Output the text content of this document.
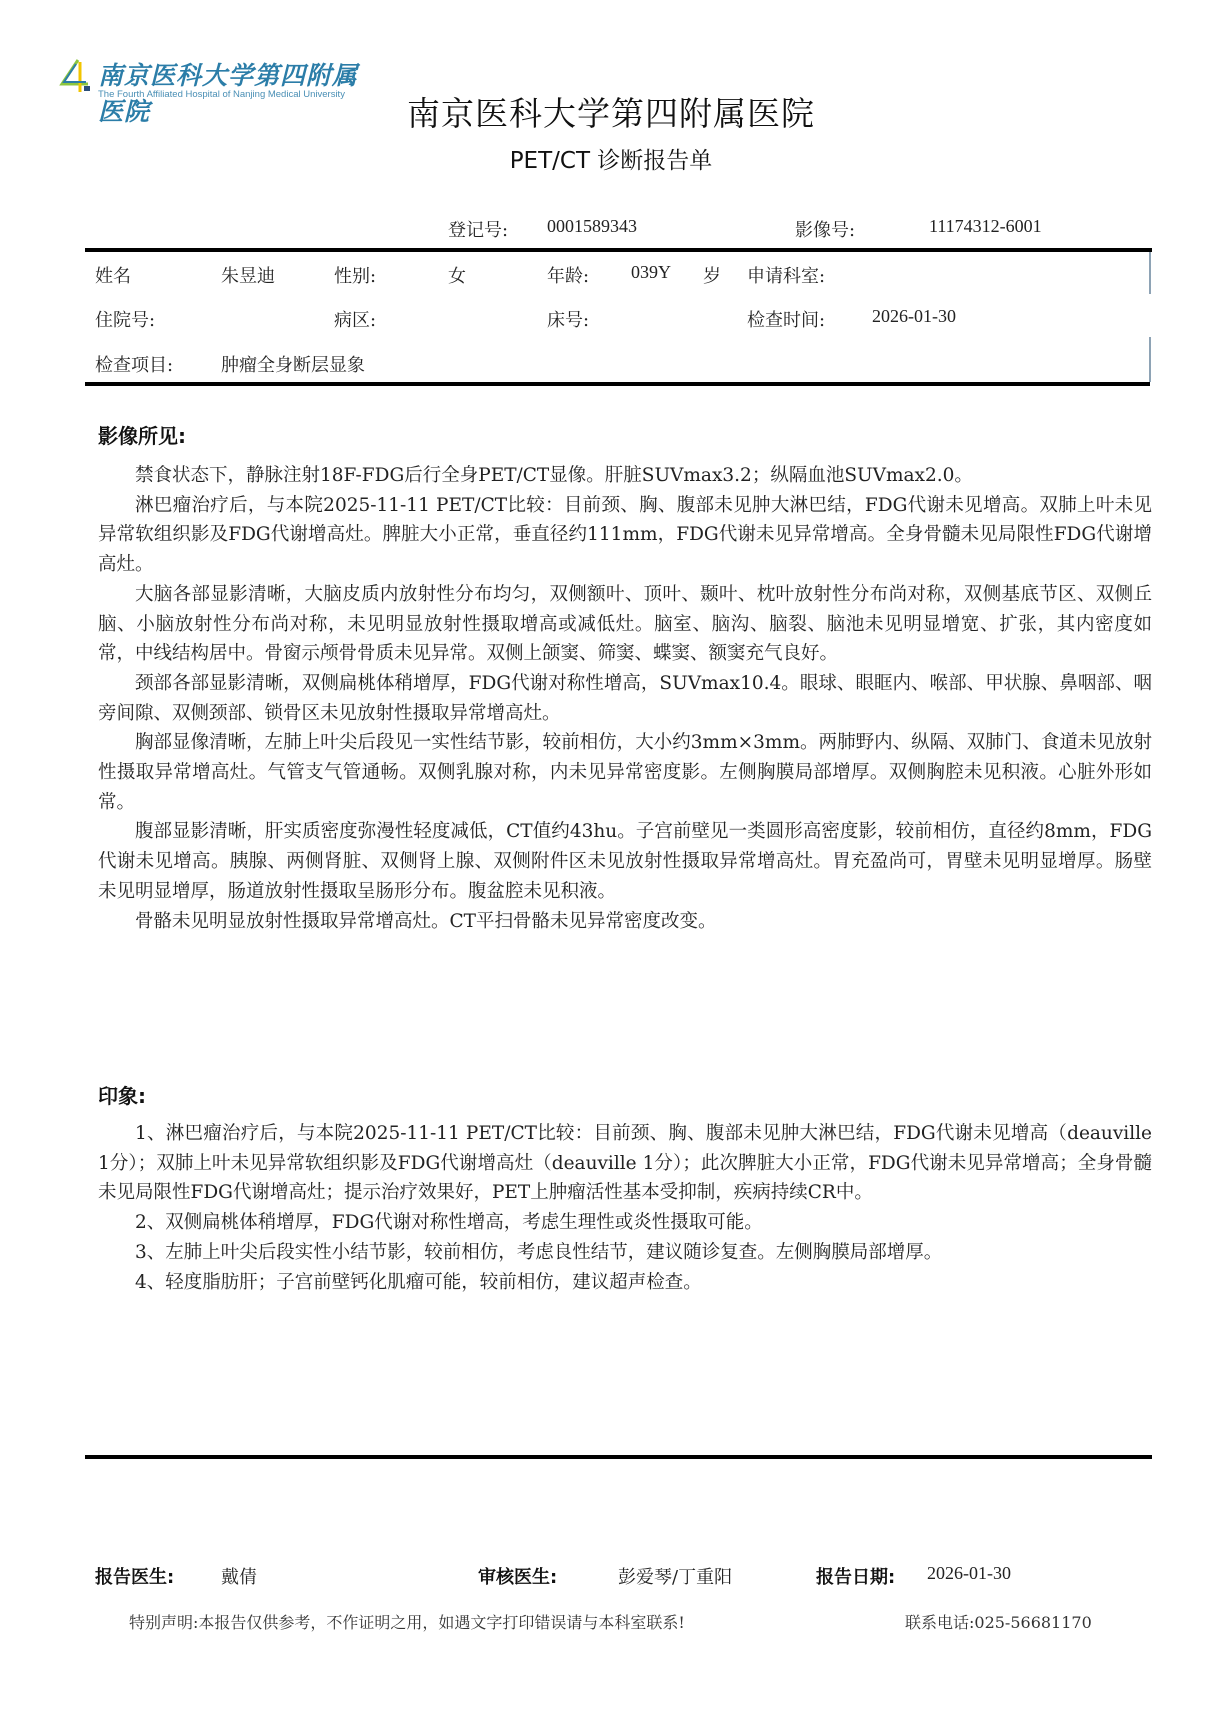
南京医科大学第四附属医院
The Fourth Affiliated Hospital of Nanjing Medical University	南京医科大学第四附属医院
PET/CT 诊断报告单
登记号: 0001589343	影像号:	11174312-6001
姓名	朱昱迪	性别:	女	年龄: 039Y 岁 申请科室:
住院号:	病区:	床号:	检查时间:	2026-01-30
检查项目:	肿瘤全身断层显象
影像所见:

禁食状态下，静脉注射18F-FDG后行全身PET/CT显像。肝脏SUVmax3.2；纵隔血池SUVmax2.0。

淋巴瘤治疗后，与本院2025-11-11 PET/CT比较：目前颈、胸、腹部未见肿大淋巴结，FDG代谢未见增高。双肺上叶未见异常软组织影及FDG代谢增高灶。脾脏大小正常，垂直径约111mm，FDG代谢未见异常增高。全身骨髓未见局限性FDG代谢增高灶。

大脑各部显影清晰，大脑皮质内放射性分布均匀，双侧额叶、顶叶、颞叶、枕叶放射性分布尚对称，双侧基底节区、双侧丘脑、小脑放射性分布尚对称，未见明显放射性摄取增高或减低灶。脑室、脑沟、脑裂、脑池未见明显增宽、扩张，其内密度如常，中线结构居中。骨窗示颅骨骨质未见异常。双侧上颌窦、筛窦、蝶窦、额窦充气良好。

颈部各部显影清晰，双侧扁桃体稍增厚，FDG代谢对称性增高，SUVmax10.4。眼球、眼眶内、喉部、甲状腺、鼻咽部、咽旁间隙、双侧颈部、锁骨区未见放射性摄取异常增高灶。

胸部显像清晰，左肺上叶尖后段见一实性结节影，较前相仿，大小约3mm×3mm。两肺野内、纵隔、双肺门、食道未见放射性摄取异常增高灶。气管支气管通畅。双侧乳腺对称，内未见异常密度影。左侧胸膜局部增厚。双侧胸腔未见积液。心脏外形如常。

腹部显影清晰，肝实质密度弥漫性轻度减低，CT值约43hu。子宫前壁见一类圆形高密度影，较前相仿，直径约8mm，FDG代谢未见增高。胰腺、两侧肾脏、双侧肾上腺、双侧附件区未见放射性摄取异常增高灶。胃充盈尚可，胃壁未见明显增厚。肠壁未见明显增厚，肠道放射性摄取呈肠形分布。腹盆腔未见积液。

骨骼未见明显放射性摄取异常增高灶。CT平扫骨骼未见异常密度改变。

印象:

1、淋巴瘤治疗后，与本院2025-11-11 PET/CT比较：目前颈、胸、腹部未见肿大淋巴结，FDG代谢未见增高（deauville 1分）；双肺上叶未见异常软组织影及FDG代谢增高灶（deauville 1分）；此次脾脏大小正常，FDG代谢未见异常增高；全身骨髓未见局限性FDG代谢增高灶；提示治疗效果好，PET上肿瘤活性基本受抑制，疾病持续CR中。

2、双侧扁桃体稍增厚，FDG代谢对称性增高，考虑生理性或炎性摄取可能。

3、左肺上叶尖后段实性小结节影，较前相仿，考虑良性结节，建议随诊复查。左侧胸膜局部增厚。

4、轻度脂肪肝；子宫前壁钙化肌瘤可能，较前相仿，建议超声检查。

报告医生:	戴倩	审核医生:	彭爱琴/丁重阳	报告日期: 2026-01-30
特别声明:本报告仅供参考，不作证明之用，如遇文字打印错误请与本科室联系!	联系电话:025-56681170
